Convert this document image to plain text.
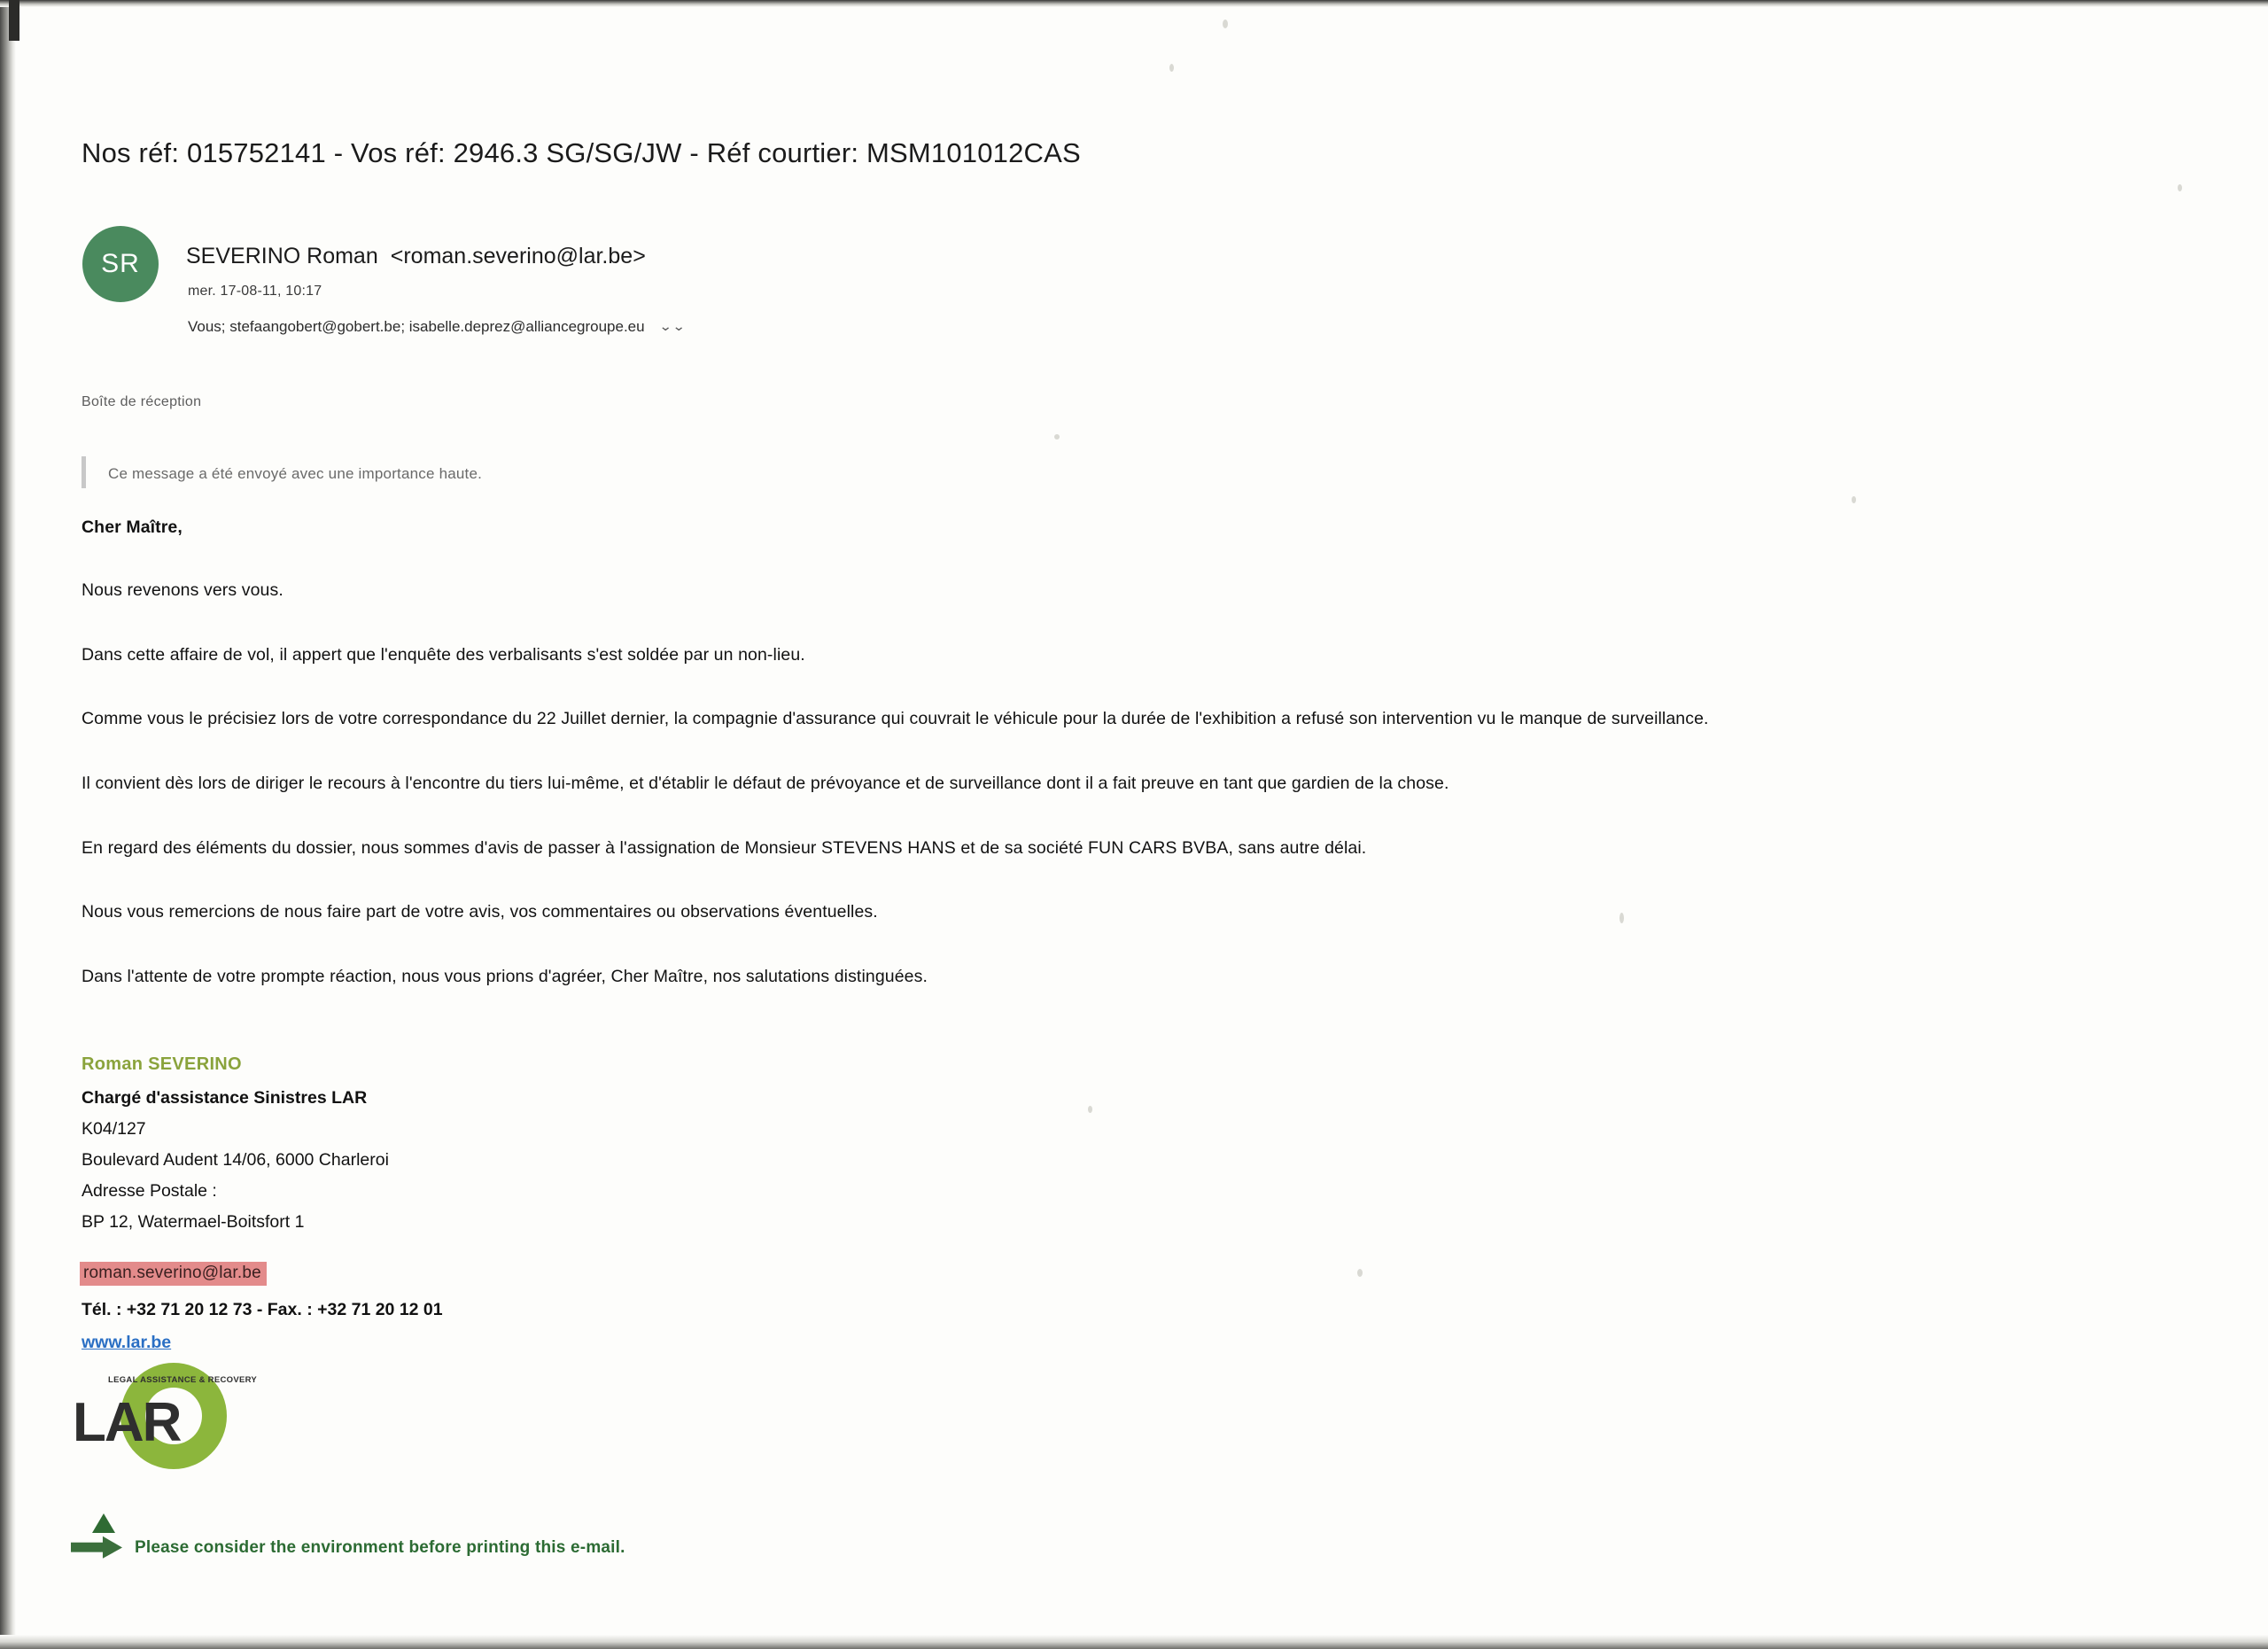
Nos réf: 015752141 - Vos réf: 2946.3 SG/SG/JW - Réf courtier: MSM101012CAS
SR	SEVERINO Roman <roman.severino@lar.be>
mer. 17-08-11, 10:17
Vous; stefaangobert@gobert.be; isabelle.deprez@alliancegroupe.eu ⌄⌄
Boîte de réception
Ce message a été envoyé avec une importance haute.
Cher Maître,
Nous revenons vers vous.
Dans cette affaire de vol, il appert que l'enquête des verbalisants s'est soldée par un non-lieu.
Comme vous le précisiez lors de votre correspondance du 22 Juillet dernier, la compagnie d'assurance qui couvrait le véhicule pour la durée de l'exhibition a refusé son intervention vu le manque de surveillance.
Il convient dès lors de diriger le recours à l'encontre du tiers lui-même, et d'établir le défaut de prévoyance et de surveillance dont il a fait preuve en tant que gardien de la chose.
En regard des éléments du dossier, nous sommes d'avis de passer à l'assignation de Monsieur STEVENS HANS et de sa société FUN CARS BVBA, sans autre délai.
Nous vous remercions de nous faire part de votre avis, vos commentaires ou observations éventuelles.
Dans l'attente de votre prompte réaction, nous vous prions d'agréer, Cher Maître, nos salutations distinguées.
Roman SEVERINO
Chargé d'assistance Sinistres LAR
K04/127
Boulevard Audent 14/06, 6000 Charleroi
Adresse Postale :
BP 12, Watermael-Boitsfort 1
roman.severino@lar.be
Tél. : +32 71 20 12 73 - Fax. : +32 71 20 12 01
www.lar.be
LEGAL ASSISTANCE & RECOVERY
LAR
Please consider the environment before printing this e-mail.
